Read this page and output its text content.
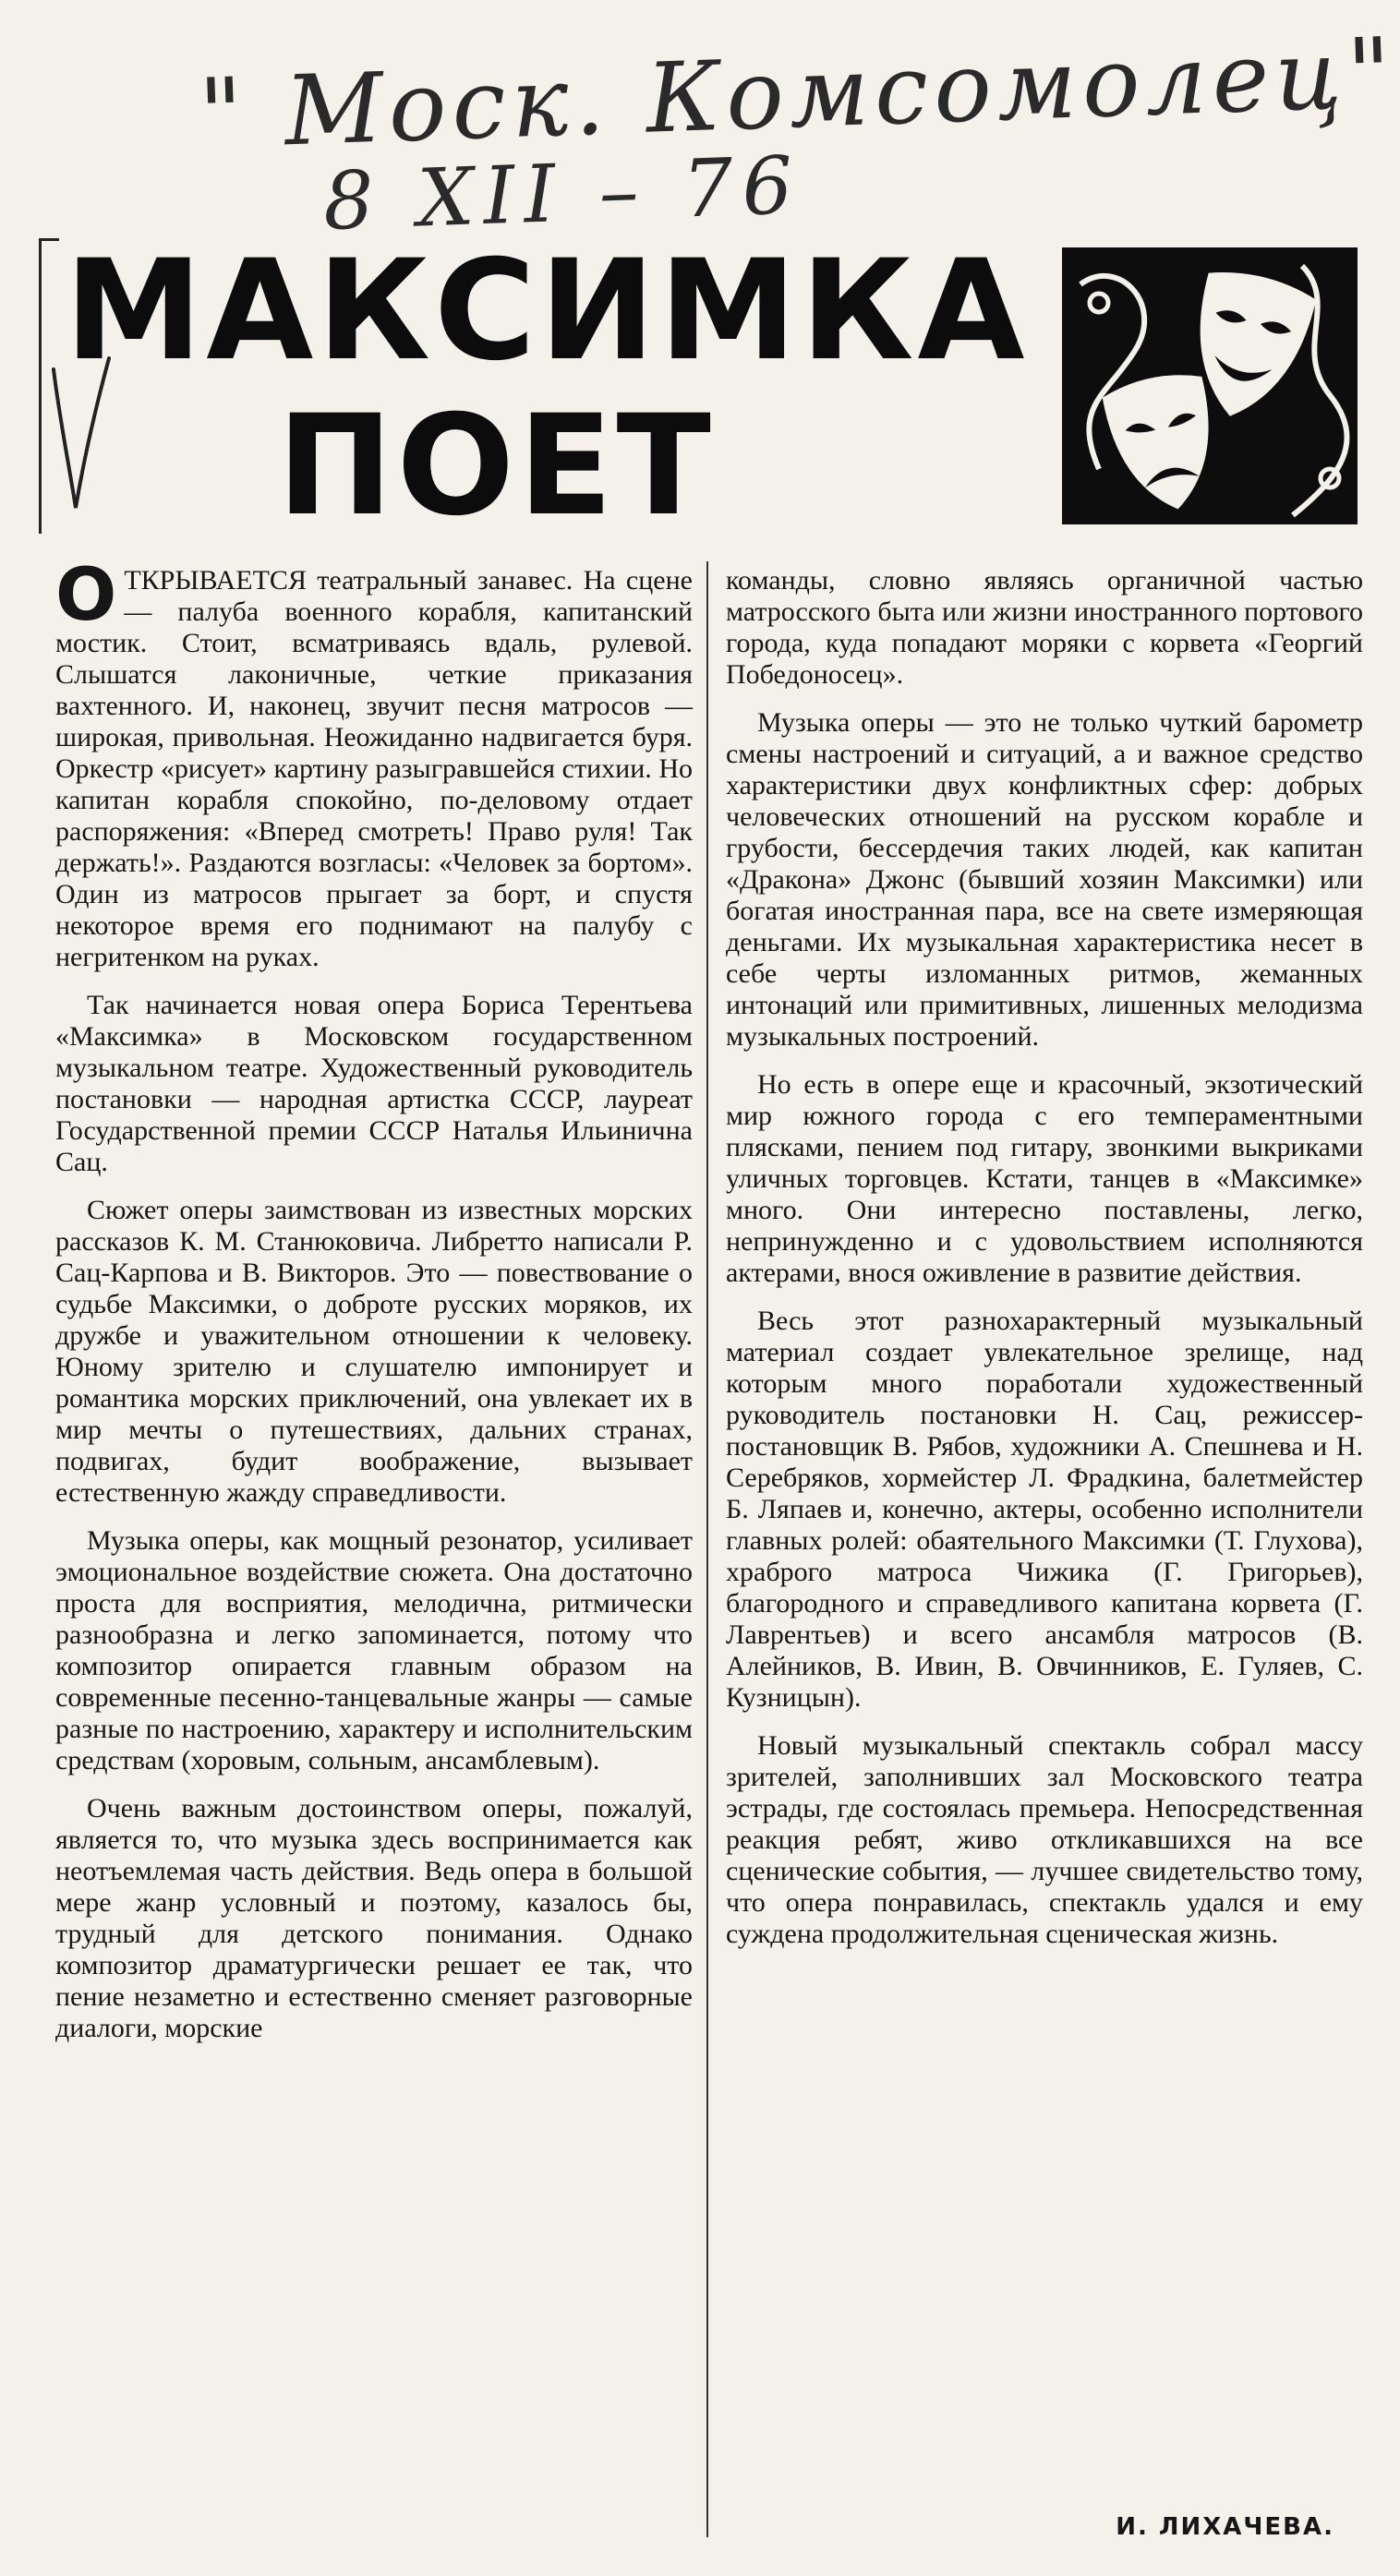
" Моск. Комсомолец"
8 XII – 76
МАКСИМКА
ПОЕТ

ОТКРЫВАЕТСЯ театральный занавес. На сцене — палуба военного корабля, капитанский мостик. Стоит, всматриваясь вдаль, рулевой. Слышатся лаконичные, четкие приказания вахтенного. И, наконец, звучит песня матросов — широкая, привольная. Неожиданно надвигается буря. Оркестр «рисует» картину разыгравшейся стихии. Но капитан корабля спокойно, по-деловому отдает распоряжения: «Вперед смотреть! Право руля! Так держать!». Раздаются возгласы: «Человек за бортом». Один из матросов прыгает за борт, и спустя некоторое время его поднимают на палубу с негритенком на руках.

Так начинается новая опера Бориса Терентьева «Максимка» в Московском государственном музыкальном театре. Художественный руководитель постановки — народная артистка СССР, лауреат Государственной премии СССР Наталья Ильинична Сац.

Сюжет оперы заимствован из известных морских рассказов К. М. Станюковича. Либретто написали Р. Сац-Карпова и В. Викторов. Это — повествование о судьбе Максимки, о доброте русских моряков, их дружбе и уважительном отношении к человеку. Юному зрителю и слушателю импонирует и романтика морских приключений, она увлекает их в мир мечты о путешествиях, дальних странах, подвигах, будит воображение, вызывает естественную жажду справедливости.

Музыка оперы, как мощный резонатор, усиливает эмоциональное воздействие сюжета. Она достаточно проста для восприятия, мелодична, ритмически разнообразна и легко запоминается, потому что композитор опирается главным образом на современные песенно-танцевальные жанры — самые разные по настроению, характеру и исполнительским средствам (хоровым, сольным, ансамблевым).

Очень важным достоинством оперы, пожалуй, является то, что музыка здесь воспринимается как неотъемлемая часть действия. Ведь опера в большой мере жанр условный и поэтому, казалось бы, трудный для детского понимания. Однако композитор драматургически решает ее так, что пение незаметно и естественно сменяет разговорные диалоги, морские

команды, словно являясь органичной частью матросского быта или жизни иностранного портового города, куда попадают моряки с корвета «Георгий Победоносец».

Музыка оперы — это не только чуткий барометр смены настроений и ситуаций, а и важное средство характеристики двух конфликтных сфер: добрых человеческих отношений на русском корабле и грубости, бессердечия таких людей, как капитан «Дракона» Джонс (бывший хозяин Максимки) или богатая иностранная пара, все на свете измеряющая деньгами. Их музыкальная характеристика несет в себе черты изломанных ритмов, жеманных интонаций или примитивных, лишенных мелодизма музыкальных построений.

Но есть в опере еще и красочный, экзотический мир южного города с его темпераментными плясками, пением под гитару, звонкими выкриками уличных торговцев. Кстати, танцев в «Максимке» много. Они интересно поставлены, легко, непринужденно и с удовольствием исполняются актерами, внося оживление в развитие действия.

Весь этот разнохарактерный музыкальный материал создает увлекательное зрелище, над которым много поработали художественный руководитель постановки Н. Сац, режиссер-постановщик В. Рябов, художники А. Спешнева и Н. Серебряков, хормейстер Л. Фрадкина, балетмейстер Б. Ляпаев и, конечно, актеры, особенно исполнители главных ролей: обаятельного Максимки (Т. Глухова), храброго матроса Чижика (Г. Григорьев), благородного и справедливого капитана корвета (Г. Лаврентьев) и всего ансамбля матросов (В. Алейников, В. Ивин, В. Овчинников, Е. Гуляев, С. Кузницын).

Новый музыкальный спектакль собрал массу зрителей, заполнивших зал Московского театра эстрады, где состоялась премьера. Непосредственная реакция ребят, живо откликавшихся на все сценические события, — лучшее свидетельство тому, что опера понравилась, спектакль удался и ему суждена продолжительная сценическая жизнь.

И. ЛИХАЧЕВА.
